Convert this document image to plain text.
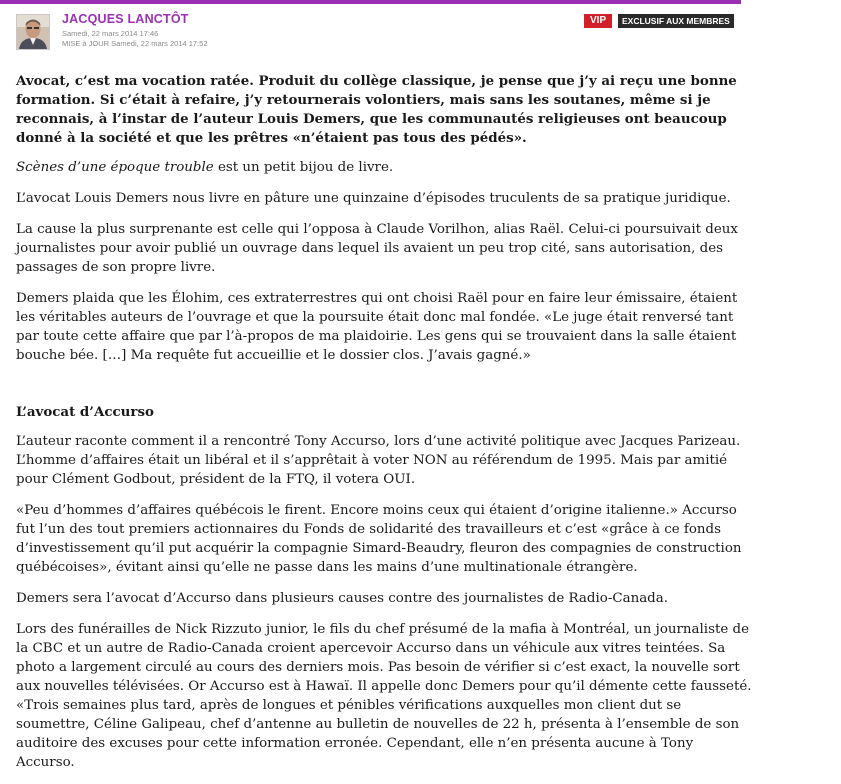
JACQUES LANCTÔT
Samedi, 22 mars 2014 17:46
MISE à JOUR Samedi, 22 mars 2014 17:52
VIP	EXCLUSIF AUX MEMBRES

Avocat, c’est ma vocation ratée. Produit du collège classique, je pense que j’y ai reçu une bonne formation. Si c’était à refaire, j’y retournerais volontiers, mais sans les soutanes, même si je reconnais, à l’instar de l’auteur Louis Demers, que les communautés religieuses ont beaucoup donné à la société et que les prêtres «n’étaient pas tous des pédés».

Scènes d’une époque trouble est un petit bijou de livre.

L’avocat Louis Demers nous livre en pâture une quinzaine d’épisodes truculents de sa pratique juridique.

La cause la plus surprenante est celle qui l’opposa à Claude Vorilhon, alias Raël. Celui-ci poursuivait deux journalistes pour avoir publié un ouvrage dans lequel ils avaient un peu trop cité, sans autorisation, des passages de son propre livre.

Demers plaida que les Élohim, ces extraterrestres qui ont choisi Raël pour en faire leur émissaire, étaient les véritables auteurs de l’ouvrage et que la poursuite était donc mal fondée. «Le juge était renversé tant par toute cette affaire que par l’à-propos de ma plaidoirie. Les gens qui se trouvaient dans la salle étaient bouche bée. […] Ma requête fut accueillie et le dossier clos. J’avais gagné.»

L’avocat d’Accurso

L’auteur raconte comment il a rencontré Tony Accurso, lors d’une activité politique avec Jacques Parizeau. L’homme d’affaires était un libéral et il s’apprêtait à voter NON au référendum de 1995. Mais par amitié pour Clément Godbout, président de la FTQ, il votera OUI.

«Peu d’hommes d’affaires québécois le firent. Encore moins ceux qui étaient d’origine italienne.» Accurso fut l’un des tout premiers actionnaires du Fonds de solidarité des travailleurs et c’est «grâce à ce fonds d’investissement qu’il put acquérir la compagnie Simard-Beaudry, fleuron des compagnies de construction québécoises», évitant ainsi qu’elle ne passe dans les mains d’une multinationale étrangère.

Demers sera l’avocat d’Accurso dans plusieurs causes contre des journalistes de Radio-Canada.

Lors des funérailles de Nick Rizzuto junior, le fils du chef présumé de la mafia à Montréal, un journaliste de la CBC et un autre de Radio-Canada croient apercevoir Accurso dans un véhicule aux vitres teintées. Sa photo a largement circulé au cours des derniers mois. Pas besoin de vérifier si c’est exact, la nouvelle sort aux nouvelles télévisées. Or Accurso est à Hawaï. Il appelle donc Demers pour qu’il démente cette fausseté. «Trois semaines plus tard, après de longues et pénibles vérifications auxquelles mon client dut se soumettre, Céline Galipeau, chef d’antenne au bulletin de nouvelles de 22 h, présenta à l’ensemble de son auditoire des excuses pour cette information erronée. Cependant, elle n’en présenta aucune à Tony Accurso.
